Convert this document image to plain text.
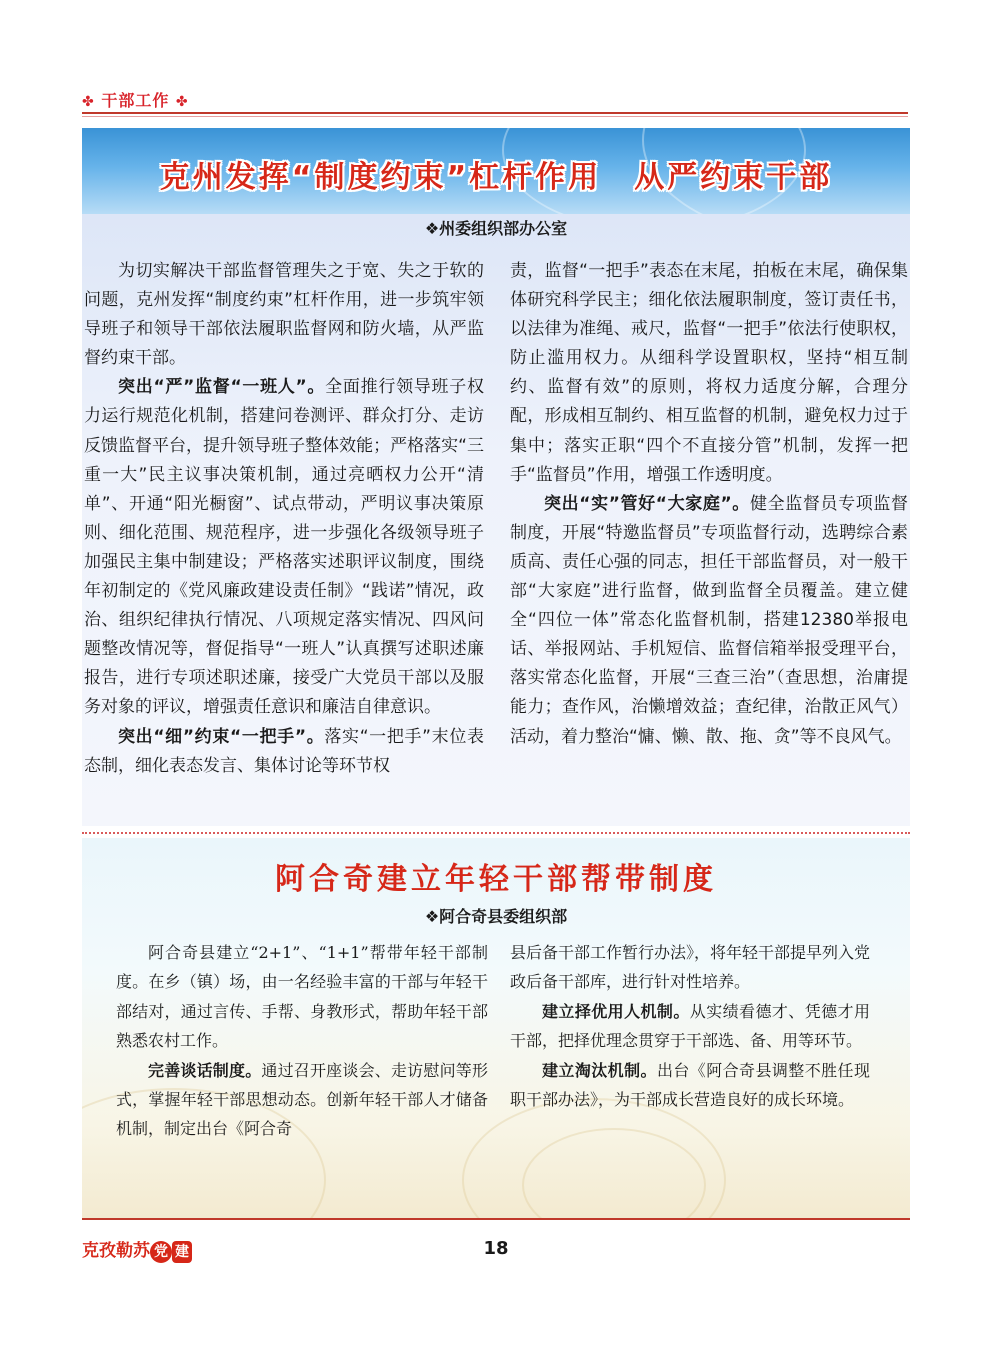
✤ 干部工作 ✤
克州发挥“制度约束”杠杆作用　从严约束干部
❖州委组织部办公室

为切实解决干部监督管理失之于宽、失之于软的问题，克州发挥“制度约束”杠杆作用，进一步筑牢领导班子和领导干部依法履职监督网和防火墙，从严监督约束干部。

突出“严”监督“一班人”。全面推行领导班子权力运行规范化机制，搭建问卷测评、群众打分、走访反馈监督平台，提升领导班子整体效能；严格落实“三重一大”民主议事决策机制，通过亮晒权力公开“清单”、开通“阳光橱窗”、试点带动，严明议事决策原则、细化范围、规范程序，进一步强化各级领导班子加强民主集中制建设；严格落实述职评议制度，围绕年初制定的《党风廉政建设责任制》“践诺”情况，政治、组织纪律执行情况、八项规定落实情况、四风问题整改情况等，督促指导“一班人”认真撰写述职述廉报告，进行专项述职述廉，接受广大党员干部以及服务对象的评议，增强责任意识和廉洁自律意识。

突出“细”约束“一把手”。落实“一把手”末位表态制，细化表态发言、集体讨论等环节权

责，监督“一把手”表态在末尾，拍板在末尾，确保集体研究科学民主；细化依法履职制度，签订责任书，以法律为准绳、戒尺，监督“一把手”依法行使职权，防止滥用权力。从细科学设置职权，坚持“相互制约、监督有效”的原则，将权力适度分解，合理分配，形成相互制约、相互监督的机制，避免权力过于集中；落实正职“四个不直接分管”机制，发挥一把手“监督员”作用，增强工作透明度。

突出“实”管好“大家庭”。健全监督员专项监督制度，开展“特邀监督员”专项监督行动，选聘综合素质高、责任心强的同志，担任干部监督员，对一般干部“大家庭”进行监督，做到监督全员覆盖。建立健全“四位一体”常态化监督机制，搭建12380举报电话、举报网站、手机短信、监督信箱举报受理平台，落实常态化监督，开展“三查三治”（查思想，治庸提能力；查作风，治懒增效益；查纪律，治散正风气）活动，着力整治“慵、懒、散、拖、贪”等不良风气。

阿合奇建立年轻干部帮带制度
❖阿合奇县委组织部

阿合奇县建立“2+1”、“1+1”帮带年轻干部制度。在乡（镇）场，由一名经验丰富的干部与年轻干部结对，通过言传、手帮、身教形式，帮助年轻干部熟悉农村工作。

完善谈话制度。通过召开座谈会、走访慰问等形式，掌握年轻干部思想动态。创新年轻干部人才储备机制，制定出台《阿合奇

县后备干部工作暂行办法》，将年轻干部提早列入党政后备干部库，进行针对性培养。

建立择优用人机制。从实绩看德才、凭德才用干部，把择优理念贯穿于干部选、备、用等环节。

建立淘汰机制。出台《阿合奇县调整不胜任现职干部办法》，为干部成长营造良好的成长环境。

克孜勒苏 党 建	18
